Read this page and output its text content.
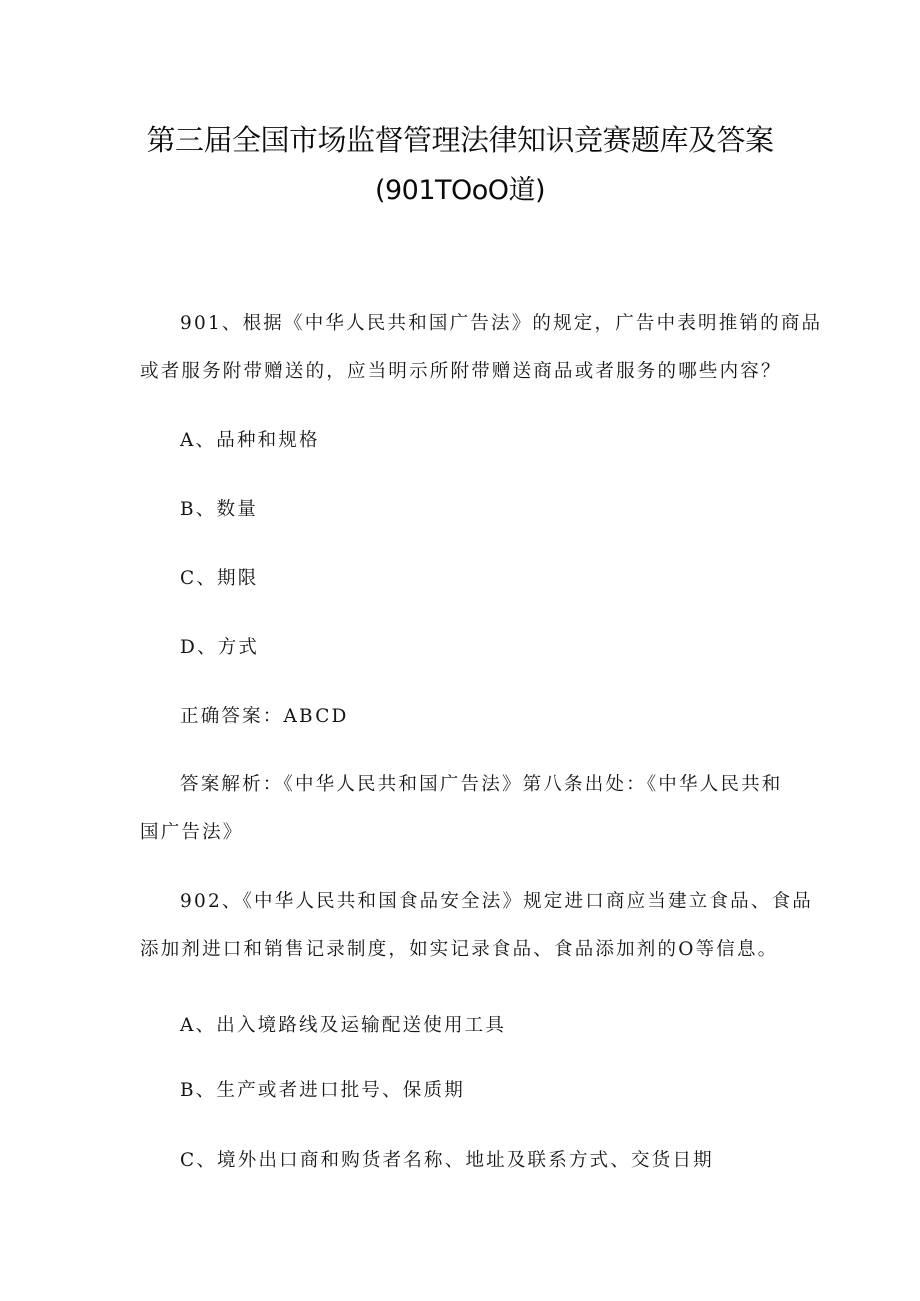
第三届全国市场监督管理法律知识竞赛题库及答案
(901TOoO道)
901、根据《中华人民共和国广告法》的规定，广告中表明推销的商品
或者服务附带赠送的，应当明示所附带赠送商品或者服务的哪些内容？
A、品种和规格
B、数量
C、期限
D、方式
正确答案：ABCD
答案解析：《中华人民共和国广告法》第八条出处：《中华人民共和
国广告法》
902、《中华人民共和国食品安全法》规定进口商应当建立食品、食品
添加剂进口和销售记录制度，如实记录食品、食品添加剂的O等信息。
A、出入境路线及运输配送使用工具
B、生产或者进口批号、保质期
C、境外出口商和购货者名称、地址及联系方式、交货日期
